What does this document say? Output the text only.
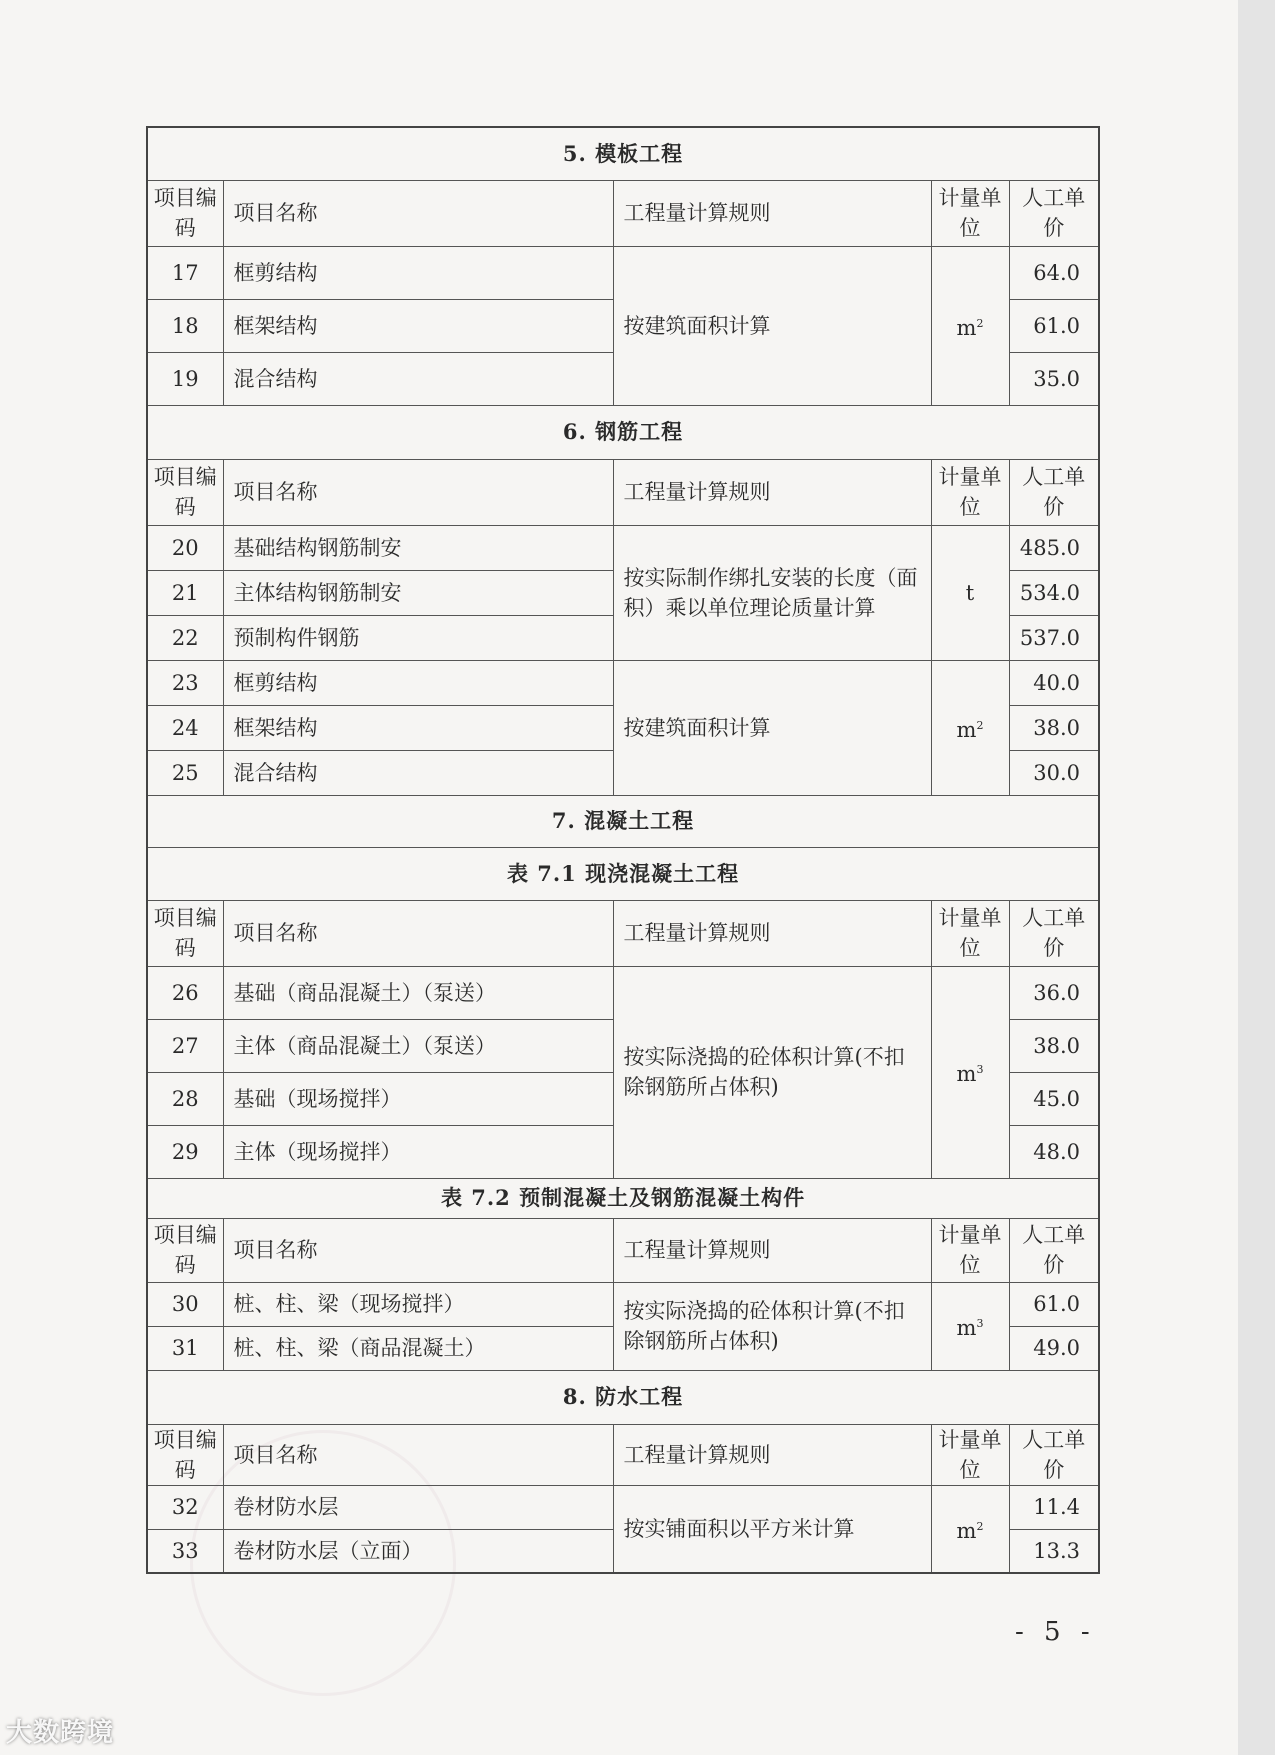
5. 模板工程				
项目编码	项目名称	工程量计算规则	计量单位	人工单价
17	框剪结构	按建筑面积计算	$m^2$	64.0
18	框架结构			61.0
19	混合结构			35.0
6. 钢筋工程				
项目编码	项目名称	工程量计算规则	计量单位	人工单价
20	基础结构钢筋制安	按实际制作绑扎安装的长度（面积）乘以单位理论质量计算	t	485.0
21	主体结构钢筋制安			534.0
22	预制构件钢筋			537.0
23	框剪结构	按建筑面积计算	$m^2$	40.0
24	框架结构			38.0
25	混合结构			30.0
7. 混凝土工程				
表 7.1 现浇混凝土工程				
项目编码	项目名称	工程量计算规则	计量单位	人工单价
26	基础（商品混凝土）（泵送）	按实际浇捣的砼体积计算(不扣除钢筋所占体积)	$m^3$	36.0
27	主体（商品混凝土）（泵送）			38.0
28	基础（现场搅拌）			45.0
29	主体（现场搅拌）			48.0
表 7.2 预制混凝土及钢筋混凝土构件				
项目编码	项目名称	工程量计算规则	计量单位	人工单价
30	桩、柱、梁（现场搅拌）	按实际浇捣的砼体积计算(不扣除钢筋所占体积)	$m^3$	61.0
31	桩、柱、梁（商品混凝土）			49.0
8. 防水工程				
项目编码	项目名称	工程量计算规则	计量单位	人工单价
32	卷材防水层	按实铺面积以平方米计算	$m^2$	11.4
33	卷材防水层（立面）			13.3
- 5 -
大数跨境
